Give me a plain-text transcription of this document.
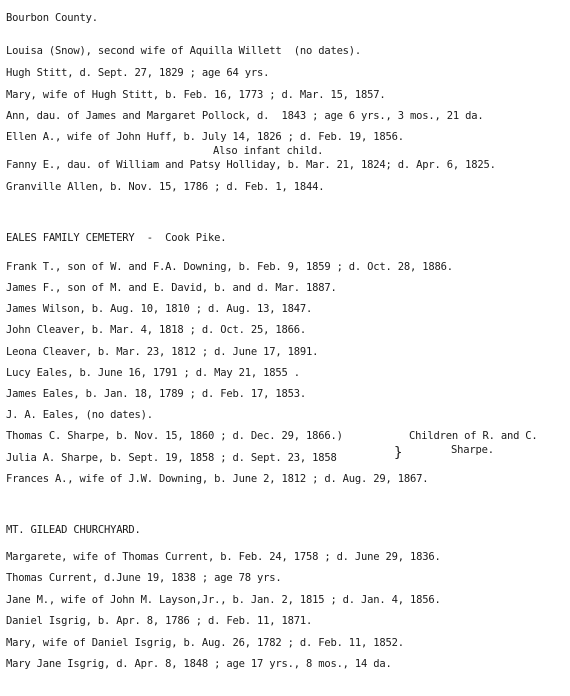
Bourbon County.
Louisa (Snow), second wife of Aquilla Willett  (no dates).
Hugh Stitt, d. Sept. 27, 1829 ; age 64 yrs.
Mary, wife of Hugh Stitt, b. Feb. 16, 1773 ; d. Mar. 15, 1857.
Ann, dau. of James and Margaret Pollock, d.  1843 ; age 6 yrs., 3 mos., 21 da.
Ellen A., wife of John Huff, b. July 14, 1826 ; d. Feb. 19, 1856.
Also infant child.
Fanny E., dau. of William and Patsy Holliday, b. Mar. 21, 1824; d. Apr. 6, 1825.
Granville Allen, b. Nov. 15, 1786 ; d. Feb. 1, 1844.
EALES FAMILY CEMETERY  -  Cook Pike.
Frank T., son of W. and F.A. Downing, b. Feb. 9, 1859 ; d. Oct. 28, 1886.
James F., son of M. and E. David, b. and d. Mar. 1887.
James Wilson, b. Aug. 10, 1810 ; d. Aug. 13, 1847.
John Cleaver, b. Mar. 4, 1818 ; d. Oct. 25, 1866.
Leona Cleaver, b. Mar. 23, 1812 ; d. June 17, 1891.
Lucy Eales, b. June 16, 1791 ; d. May 21, 1855 .
James Eales, b. Jan. 18, 1789 ; d. Feb. 17, 1853.
J. A. Eales, (no dates).
Thomas C. Sharpe, b. Nov. 15, 1860 ; d. Dec. 29, 1866.)
Julia A. Sharpe, b. Sept. 19, 1858 ; d. Sept. 23, 1858	}
Children of R. and C.
Sharpe.
Frances A., wife of J.W. Downing, b. June 2, 1812 ; d. Aug. 29, 1867.
MT. GILEAD CHURCHYARD.
Margarete, wife of Thomas Current, b. Feb. 24, 1758 ; d. June 29, 1836.
Thomas Current, d.June 19, 1838 ; age 78 yrs.
Jane M., wife of John M. Layson,Jr., b. Jan. 2, 1815 ; d. Jan. 4, 1856.
Daniel Isgrig, b. Apr. 8, 1786 ; d. Feb. 11, 1871.
Mary, wife of Daniel Isgrig, b. Aug. 26, 1782 ; d. Feb. 11, 1852.
Mary Jane Isgrig, d. Apr. 8, 1848 ; age 17 yrs., 8 mos., 14 da.
